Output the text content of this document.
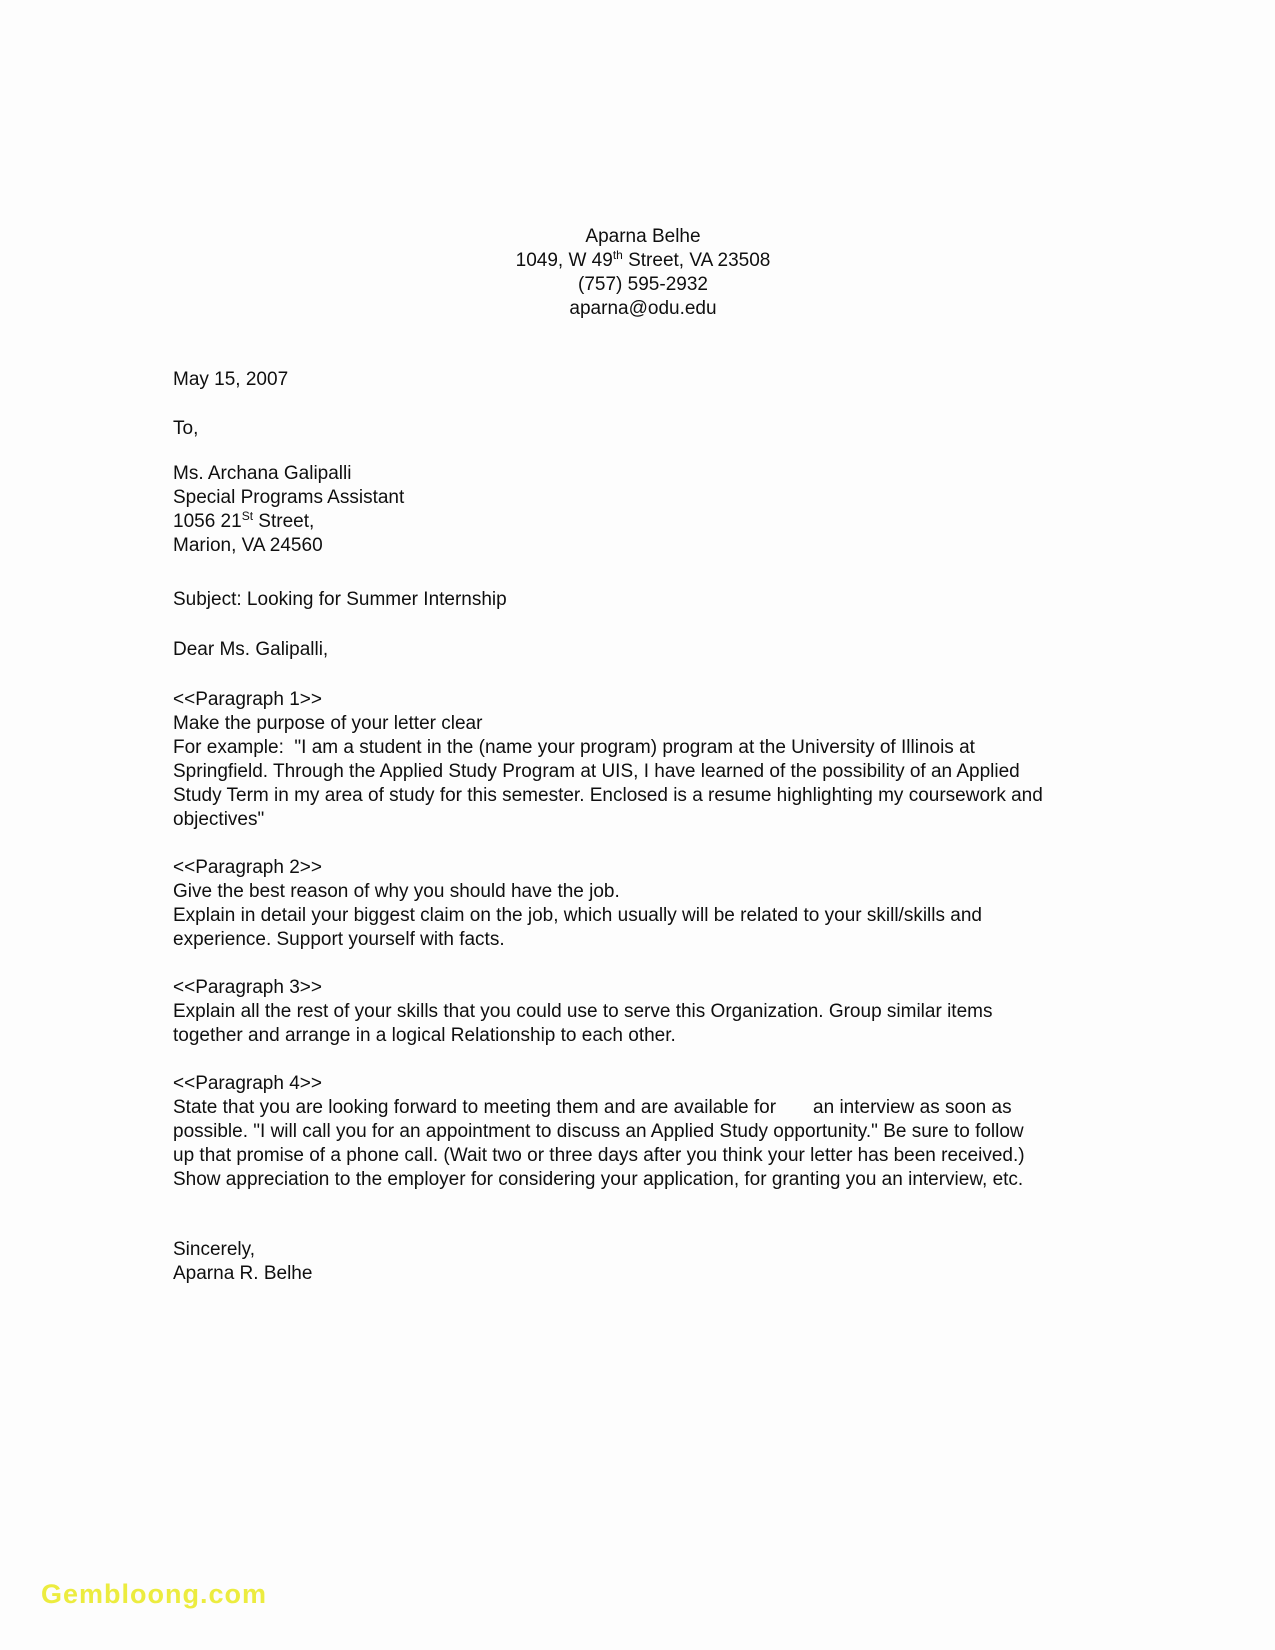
Aparna Belhe
1049, W 49th Street, VA 23508
(757) 595-2932
aparna@odu.edu
May 15, 2007
To,
Ms. Archana Galipalli
Special Programs Assistant
1056 21St Street,
Marion, VA 24560
Subject: Looking for Summer Internship
Dear Ms. Galipalli,
<<Paragraph 1>>
Make the purpose of your letter clear
For example:  "I am a student in the (name your program) program at the University of Illinois at
Springfield. Through the Applied Study Program at UIS, I have learned of the possibility of an Applied
Study Term in my area of study for this semester. Enclosed is a resume highlighting my coursework and
objectives"
<<Paragraph 2>>
Give the best reason of why you should have the job.
Explain in detail your biggest claim on the job, which usually will be related to your skill/skills and
experience. Support yourself with facts.
<<Paragraph 3>>
Explain all the rest of your skills that you could use to serve this Organization. Group similar items
together and arrange in a logical Relationship to each other.
<<Paragraph 4>>
State that you are looking forward to meeting them and are available for       an interview as soon as
possible. "I will call you for an appointment to discuss an Applied Study opportunity." Be sure to follow
up that promise of a phone call. (Wait two or three days after you think your letter has been received.)
Show appreciation to the employer for considering your application, for granting you an interview, etc.
Sincerely,
Aparna R. Belhe
Gembloong.com
